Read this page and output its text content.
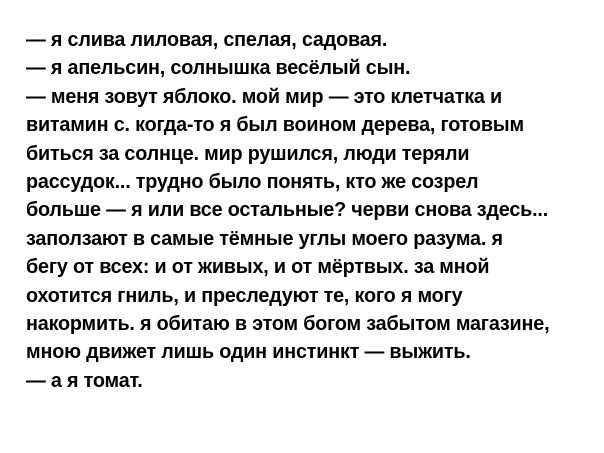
— я слива лиловая, спелая, садовая.
— я апельсин, солнышка весёлый сын.
— меня зовут яблоко. мой мир — это клетчатка и
витамин с. когда-то я был воином дерева, готовым
биться за солнце. мир рушился, люди теряли
рассудок... трудно было понять, кто же созрел
больше — я или все остальные? черви снова здесь...
заползают в самые тёмные углы моего разума. я
бегу от всех: и от живых, и от мёртвых. за мной
охотится гниль, и преследуют те, кого я могу
накормить. я обитаю в этом богом забытом магазине,
мною движет лишь один инстинкт — выжить.
— а я томат.
